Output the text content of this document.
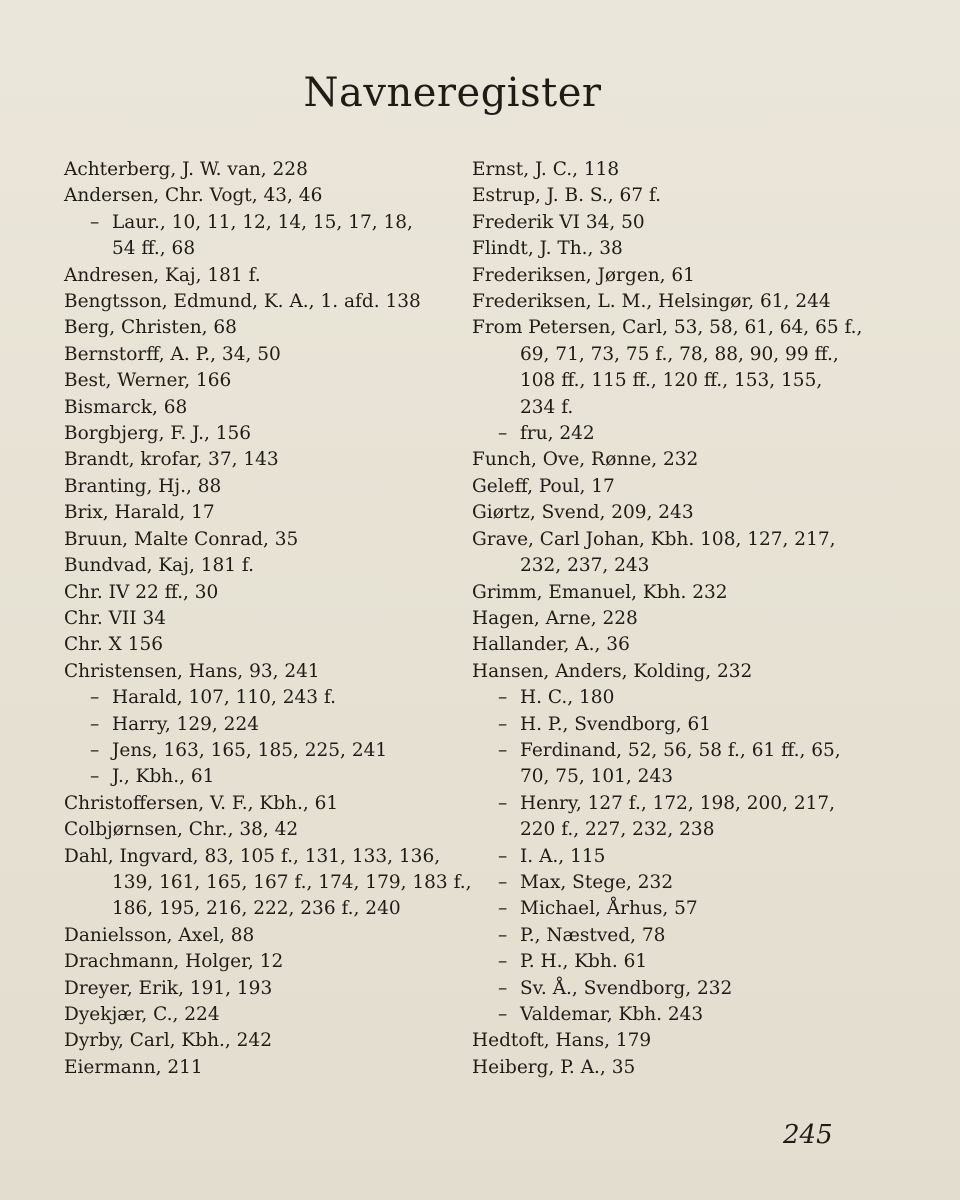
Navneregister
Achterberg, J. W. van, 228
Andersen, Chr. Vogt, 43, 46
– Laur., 10, 11, 12, 14, 15, 17, 18,
54 ff., 68
Andresen, Kaj, 181 f.
Bengtsson, Edmund, K. A., 1. afd. 138
Berg, Christen, 68
Bernstorff, A. P., 34, 50
Best, Werner, 166
Bismarck, 68
Borgbjerg, F. J., 156
Brandt, krofar, 37, 143
Branting, Hj., 88
Brix, Harald, 17
Bruun, Malte Conrad, 35
Bundvad, Kaj, 181 f.
Chr. IV 22 ff., 30
Chr. VII 34
Chr. X 156
Christensen, Hans, 93, 241
– Harald, 107, 110, 243 f.
– Harry, 129, 224
– Jens, 163, 165, 185, 225, 241
– J., Kbh., 61
Christoffersen, V. F., Kbh., 61
Colbjørnsen, Chr., 38, 42
Dahl, Ingvard, 83, 105 f., 131, 133, 136,
139, 161, 165, 167 f., 174, 179, 183 f.,
186, 195, 216, 222, 236 f., 240
Danielsson, Axel, 88
Drachmann, Holger, 12
Dreyer, Erik, 191, 193
Dyekjær, C., 224
Dyrby, Carl, Kbh., 242
Eiermann, 211
Ernst, J. C., 118
Estrup, J. B. S., 67 f.
Frederik VI 34, 50
Flindt, J. Th., 38
Frederiksen, Jørgen, 61
Frederiksen, L. M., Helsingør, 61, 244
From Petersen, Carl, 53, 58, 61, 64, 65 f.,
69, 71, 73, 75 f., 78, 88, 90, 99 ff.,
108 ff., 115 ff., 120 ff., 153, 155,
234 f.
– fru, 242
Funch, Ove, Rønne, 232
Geleff, Poul, 17
Giørtz, Svend, 209, 243
Grave, Carl Johan, Kbh. 108, 127, 217,
232, 237, 243
Grimm, Emanuel, Kbh. 232
Hagen, Arne, 228
Hallander, A., 36
Hansen, Anders, Kolding, 232
– H. C., 180
– H. P., Svendborg, 61
– Ferdinand, 52, 56, 58 f., 61 ff., 65,
70, 75, 101, 243
– Henry, 127 f., 172, 198, 200, 217,
220 f., 227, 232, 238
– I. A., 115
– Max, Stege, 232
– Michael, Århus, 57
– P., Næstved, 78
– P. H., Kbh. 61
– Sv. Å., Svendborg, 232
– Valdemar, Kbh. 243
Hedtoft, Hans, 179
Heiberg, P. A., 35
245
